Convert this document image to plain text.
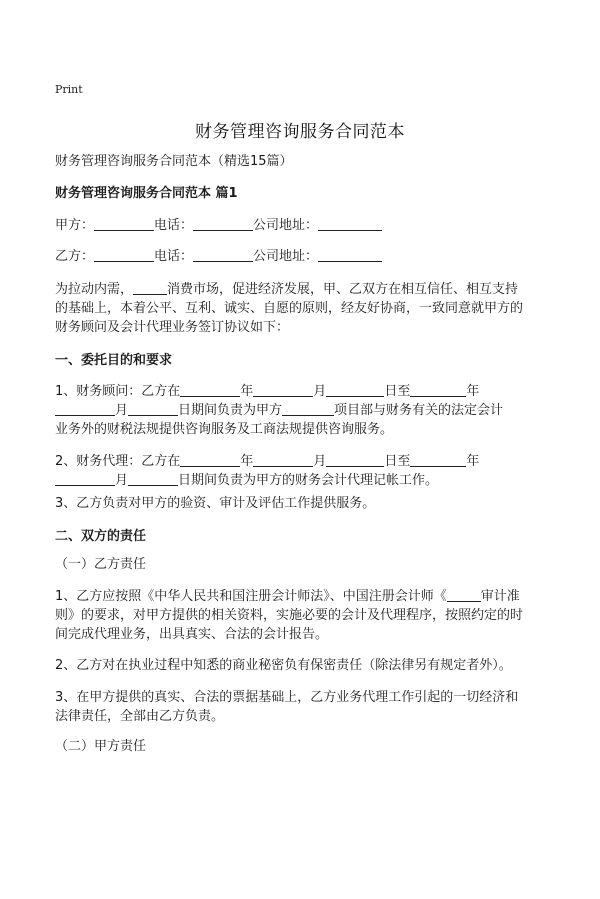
Print
财务管理咨询服务合同范本
财务管理咨询服务合同范本（精选15篇）
财务管理咨询服务合同范本 篇1
甲方：	电话：	公司地址：
乙方：	电话：	公司地址：
为拉动内需，	消费市场，促进经济发展，甲、乙双方在相互信任、相互支持
的基础上，本着公平、互利、诚实、自愿的原则，经友好协商，一致同意就甲方的
财务顾问及会计代理业务签订协议如下：
一、委托目的和要求
1、财务顾问：乙方在	年	月	日至	年
月	日期间负责为甲方	项目部与财务有关的法定会计
业务外的财税法规提供咨询服务及工商法规提供咨询服务。
2、财务代理：乙方在	年	月	日至	年
月	日期间负责为甲方的财务会计代理记帐工作。
3、乙方负责对甲方的验资、审计及评估工作提供服务。
二、双方的责任
（一）乙方责任
1、乙方应按照《中华人民共和国注册会计师法》、中国注册会计师《	审计准
则》的要求，对甲方提供的相关资料，实施必要的会计及代理程序，按照约定的时
间完成代理业务，出具真实、合法的会计报告。
2、乙方对在执业过程中知悉的商业秘密负有保密责任（除法律另有规定者外）。
3、在甲方提供的真实、合法的票据基础上，乙方业务代理工作引起的一切经济和
法律责任，全部由乙方负责。
（二）甲方责任
